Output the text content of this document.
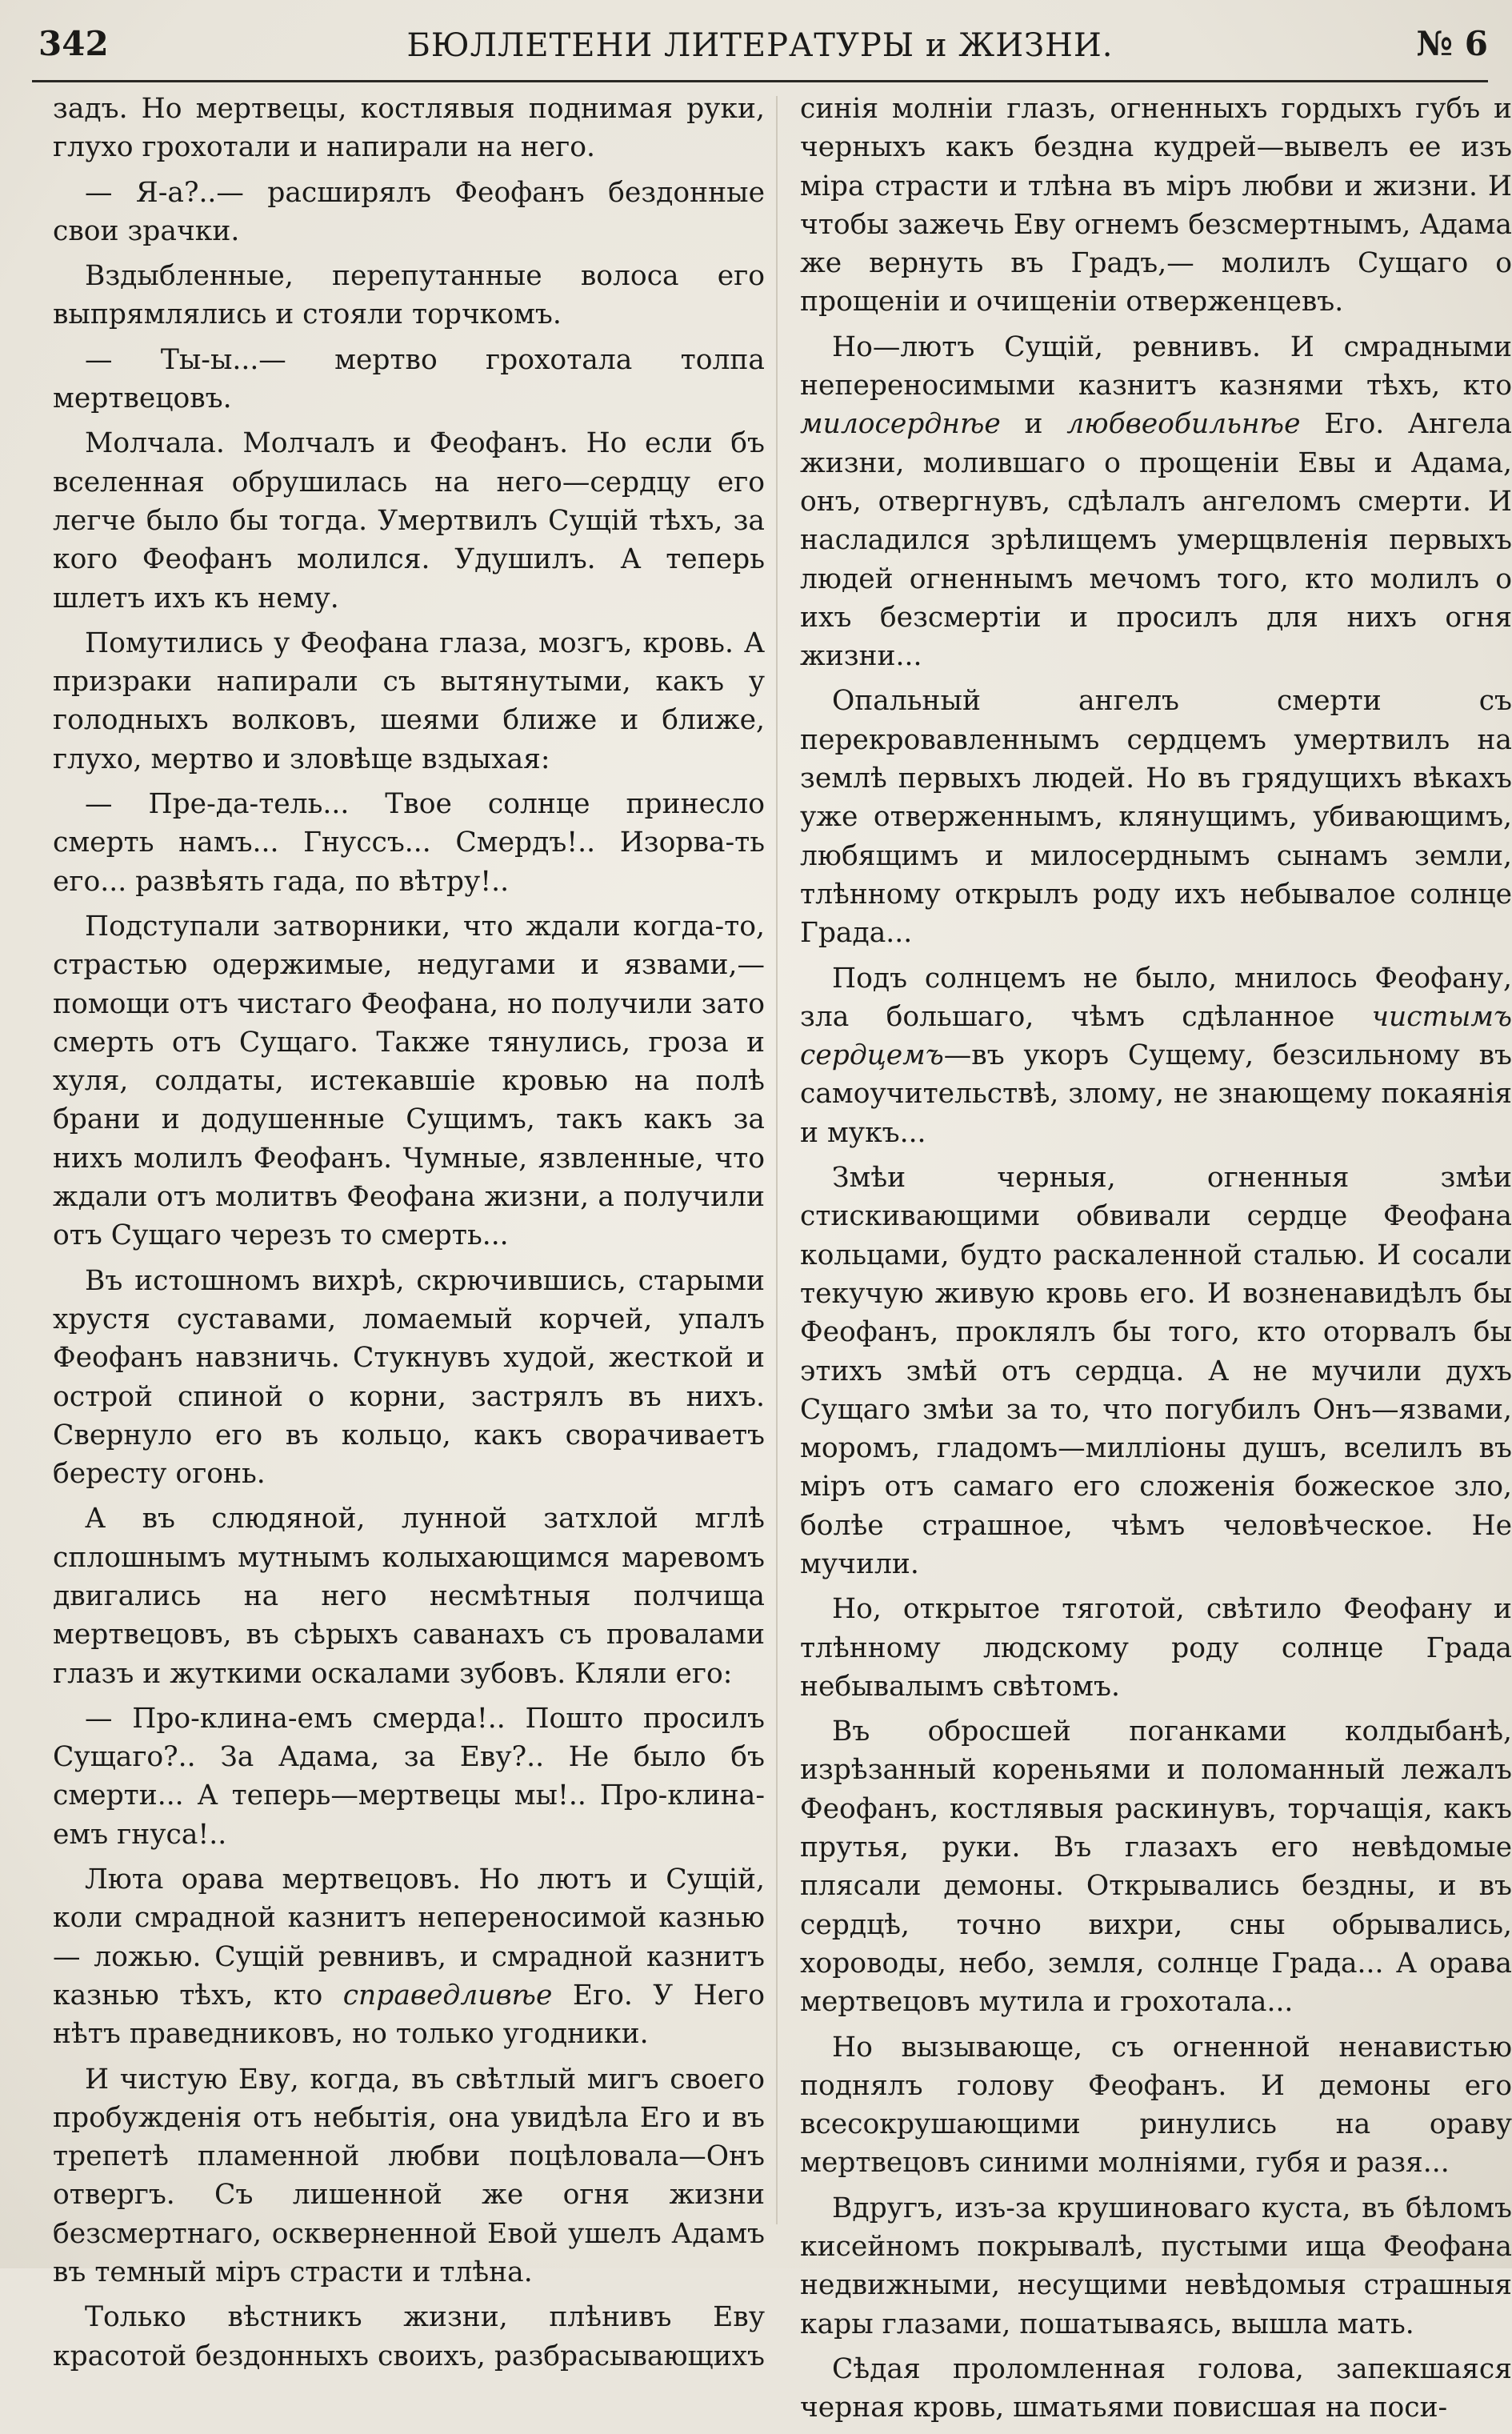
342	БЮЛЛЕТЕНИ ЛИТЕРАТУРЫ и ЖИЗНИ.	№ 6

задъ. Но мертвецы, костлявыя поднимая руки, глухо грохотали и напирали на него.

— Я-а?..— расширялъ Феофанъ бездонные свои зрачки.

Вздыбленные, перепутанные волоса его выпрямлялись и стояли торчкомъ.

— Ты-ы...— мертво грохотала толпа мертвецовъ.

Молчала. Молчалъ и Феофанъ. Но если бъ вселенная обрушилась на него—сердцу его легче было бы тогда. Умертвилъ Сущій тѣхъ, за кого Феофанъ молился. Удушилъ. А теперь шлетъ ихъ къ нему.

Помутились у Феофана глаза, мозгъ, кровь. А призраки напирали съ вытянутыми, какъ у голодныхъ волковъ, шеями ближе и ближе, глухо, мертво и зловѣще вздыхая:

— Пре-да-тель... Твое солнце принесло смерть намъ... Гнуссъ... Смердъ!.. Изорва-ть его... развѣять гада, по вѣтру!..

Подступали затворники, что ждали когда-то, страстью одержимые, недугами и язвами,— помощи отъ чистаго Феофана, но получили зато смерть отъ Сущаго. Также тянулись, гроза и хуля, солдаты, истекавшіе кровью на полѣ брани и додушенные Сущимъ, такъ какъ за нихъ молилъ Феофанъ. Чумные, язвленные, что ждали отъ молитвъ Феофана жизни, а получили отъ Сущаго черезъ то смерть...

Въ истошномъ вихрѣ, скрючившись, старыми хрустя суставами, ломаемый корчей, упалъ Феофанъ навзничь. Стукнувъ худой, жесткой и острой спиной о корни, застрялъ въ нихъ. Свернуло его въ кольцо, какъ сворачиваетъ бересту огонь.

А въ слюдяной, лунной затхлой мглѣ сплошнымъ мутнымъ колыхающимся маревомъ двигались на него несмѣтныя полчища мертвецовъ, въ сѣрыхъ саванахъ съ провалами глазъ и жуткими оскалами зубовъ. Кляли его:

— Про-клина-емъ смерда!.. Пошто просилъ Сущаго?.. За Адама, за Еву?.. Не было бъ смерти... А теперь—мертвецы мы!.. Про-клина-емъ гнуса!..

Люта орава мертвецовъ. Но лютъ и Сущій, коли смрадной казнитъ непереносимой казнью— ложью. Сущій ревнивъ, и смрадной казнитъ казнью тѣхъ, кто справедливѣе Его. У Него нѣтъ праведниковъ, но только угодники.

И чистую Еву, когда, въ свѣтлый мигъ своего пробужденія отъ небытія, она увидѣла Его и въ трепетѣ пламенной любви поцѣловала—Онъ отвергъ. Съ лишенной же огня жизни безсмертнаго, оскверненной Евой ушелъ Адамъ въ темный міръ страсти и тлѣна.

Только вѣстникъ жизни, плѣнивъ Еву красотой бездонныхъ своихъ, разбрасывающихъ

синія молніи глазъ, огненныхъ гордыхъ губъ и черныхъ какъ бездна кудрей—вывелъ ее изъ міра страсти и тлѣна въ міръ любви и жизни. И чтобы зажечь Еву огнемъ безсмертнымъ, Адама же вернуть въ Градъ,— молилъ Сущаго о прощеніи и очищеніи отверженцевъ.

Но—лютъ Сущій, ревнивъ. И смрадными непереносимыми казнитъ казнями тѣхъ, кто милосерднѣе и любвеобильнѣе Его. Ангела жизни, молившаго о прощеніи Евы и Адама, онъ, отвергнувъ, сдѣлалъ ангеломъ смерти. И насладился зрѣлищемъ умерщвленія первыхъ людей огненнымъ мечомъ того, кто молилъ о ихъ безсмертіи и просилъ для нихъ огня жизни...

Опальный ангелъ смерти съ перекровавленнымъ сердцемъ умертвилъ на землѣ первыхъ людей. Но въ грядущихъ вѣкахъ уже отверженнымъ, клянущимъ, убивающимъ, любящимъ и милосерднымъ сынамъ земли, тлѣнному открылъ роду ихъ небывалое солнце Града...

Подъ солнцемъ не было, мнилось Феофану, зла большаго, чѣмъ сдѣланное чистымъ сердцемъ—въ укоръ Сущему, безсильному въ самоучительствѣ, злому, не знающему покаянія и мукъ...

Змѣи черныя, огненныя змѣи стискивающими обвивали сердце Феофана кольцами, будто раскаленной сталью. И сосали текучую живую кровь его. И возненавидѣлъ бы Феофанъ, проклялъ бы того, кто оторвалъ бы этихъ змѣй отъ сердца. А не мучили духъ Сущаго змѣи за то, что погубилъ Онъ—язвами, моромъ, гладомъ—милліоны душъ, вселилъ въ міръ отъ самаго его сложенія божеское зло, болѣе страшное, чѣмъ человѣческое. Не мучили.

Но, открытое тяготой, свѣтило Феофану и тлѣнному людскому роду солнце Града небывалымъ свѣтомъ.

Въ обросшей поганками колдыбанѣ, изрѣзанный кореньями и поломанный лежалъ Феофанъ, костлявыя раскинувъ, торчащія, какъ прутья, руки. Въ глазахъ его невѣдомые плясали демоны. Открывались бездны, и въ сердцѣ, точно вихри, сны обрывались, хороводы, небо, земля, солнце Града... А орава мертвецовъ мутила и грохотала...

Но вызывающе, съ огненной ненавистью поднялъ голову Феофанъ. И демоны его всесокрушающими ринулись на ораву мертвецовъ синими молніями, губя и разя...

Вдругъ, изъ-за крушиноваго куста, въ бѣломъ кисейномъ покрывалѣ, пустыми ища Феофана недвижными, несущими невѣдомыя страшныя кары глазами, пошатываясь, вышла мать.

Сѣдая проломленная голова, запекшаяся черная кровь, шматьями повисшая на поси-
